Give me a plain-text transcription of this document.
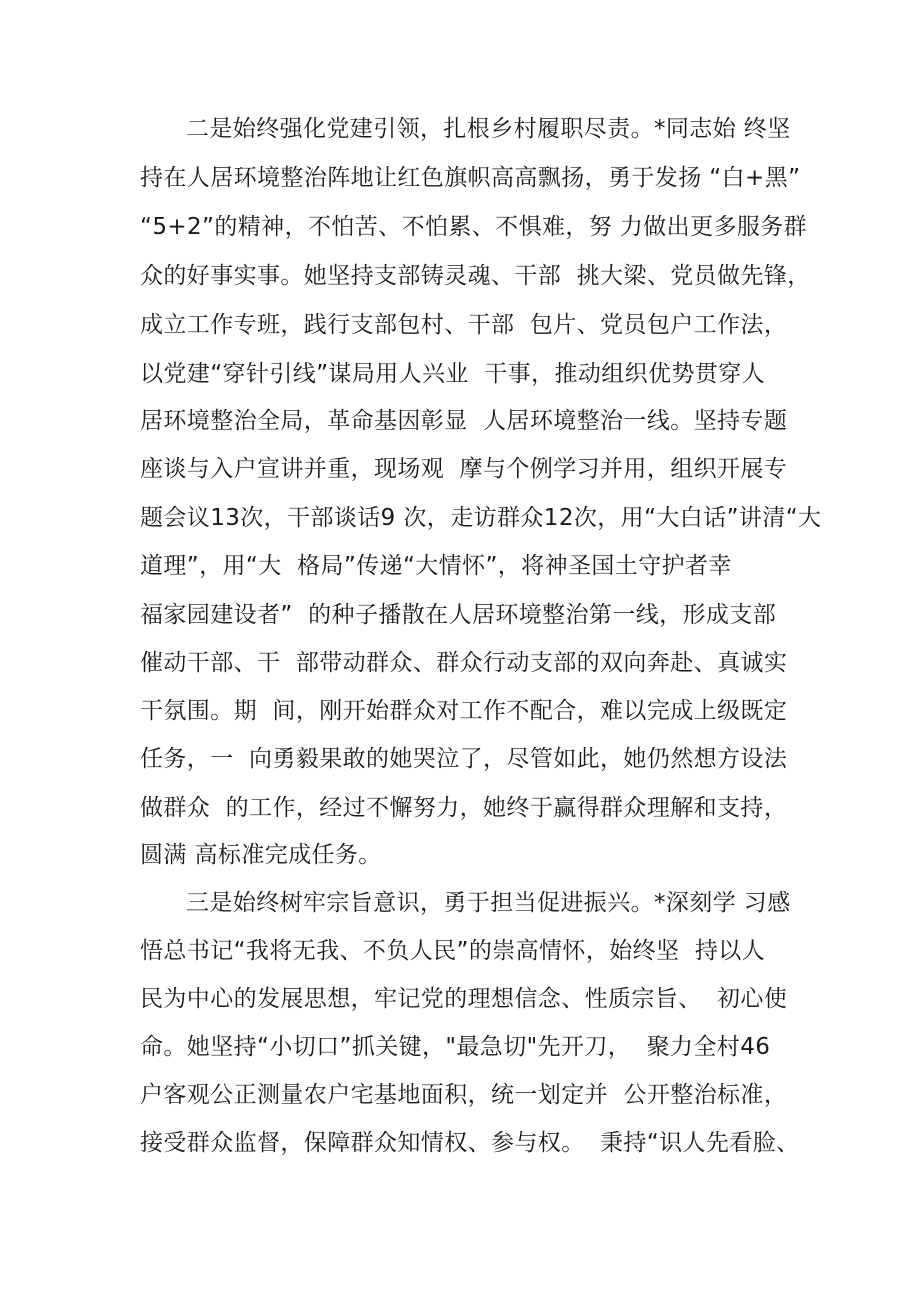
二是始终强化党建引领，扎根乡村履职尽责。*同志始 终坚
持在人居环境整治阵地让红色旗帜高高飘扬，勇于发扬 “白+黑”
“5+2”的精神，不怕苦、不怕累、不惧难，努 力做出更多服务群
众的好事实事。她坚持支部铸灵魂、干部  挑大梁、党员做先锋，
成立工作专班，践行支部包村、干部  包片、党员包户工作法，
以党建“穿针引线”谋局用人兴业  干事，推动组织优势贯穿人
居环境整治全局，革命基因彰显  人居环境整治一线。坚持专题
座谈与入户宣讲并重，现场观  摩与个例学习并用，组织开展专
题会议13次，干部谈话9 次，走访群众12次，用“大白话”讲清“大
道理”，用“大  格局”传递“大情怀”，将神圣国土守护者幸
福家园建设者”  的种子播散在人居环境整治第一线，形成支部
催动干部、干  部带动群众、群众行动支部的双向奔赴、真诚实
干氛围。期  间，刚开始群众对工作不配合，难以完成上级既定
任务，一  向勇毅果敢的她哭泣了，尽管如此，她仍然想方设法
做群众  的工作，经过不懈努力，她终于赢得群众理解和支持，
圆满 高标准完成任务。
三是始终树牢宗旨意识，勇于担当促进振兴。*深刻学 习感
悟总书记“我将无我、不负人民”的崇高情怀，始终坚  持以人
民为中心的发展思想，牢记党的理想信念、性质宗旨、  初心使
命。她坚持“小切口”抓关键，"最急切"先开刀，  聚力全村46
户客观公正测量农户宅基地面积，统一划定并  公开整治标准，
接受群众监督，保障群众知情权、参与权。  秉持“识人先看脸、
